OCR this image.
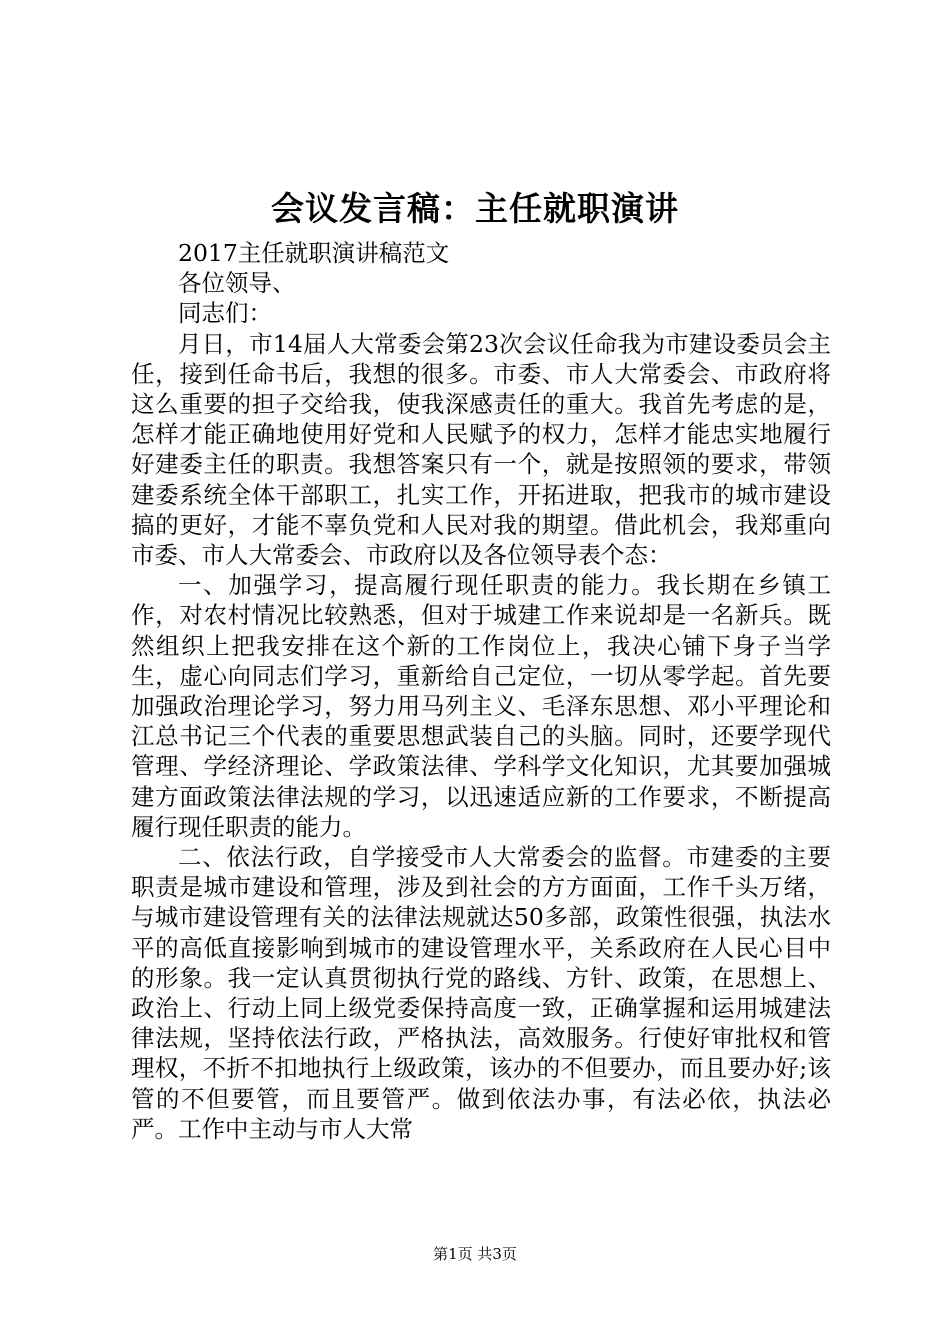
会议发言稿：主任就职演讲

2017主任就职演讲稿范文

各位领导、

同志们：

月日，市14届人大常委会第23次会议任命我为市建设委员会主任，接到任命书后，我想的很多。市委、市人大常委会、市政府将这么重要的担子交给我，使我深感责任的重大。我首先考虑的是，怎样才能正确地使用好党和人民赋予的权力，怎样才能忠实地履行好建委主任的职责。我想答案只有一个，就是按照领的要求，带领建委系统全体干部职工，扎实工作，开拓进取，把我市的城市建设搞的更好，才能不辜负党和人民对我的期望。借此机会，我郑重向市委、市人大常委会、市政府以及各位领导表个态：

一、加强学习，提高履行现任职责的能力。我长期在乡镇工作，对农村情况比较熟悉，但对于城建工作来说却是一名新兵。既然组织上把我安排在这个新的工作岗位上，我决心铺下身子当学生，虚心向同志们学习，重新给自己定位，一切从零学起。首先要加强政治理论学习，努力用马列主义、毛泽东思想、邓小平理论和江总书记三个代表的重要思想武装自己的头脑。同时，还要学现代管理、学经济理论、学政策法律、学科学文化知识，尤其要加强城建方面政策法律法规的学习，以迅速适应新的工作要求，不断提高履行现任职责的能力。

二、依法行政，自学接受市人大常委会的监督。市建委的主要职责是城市建设和管理，涉及到社会的方方面面，工作千头万绪，与城市建设管理有关的法律法规就达50多部，政策性很强，执法水平的高低直接影响到城市的建设管理水平，关系政府在人民心目中的形象。我一定认真贯彻执行党的路线、方针、政策，在思想上、政治上、行动上同上级党委保持高度一致，正确掌握和运用城建法律法规，坚持依法行政，严格执法，高效服务。行使好审批权和管理权，不折不扣地执行上级政策，该办的不但要办，而且要办好;该管的不但要管，而且要管严。做到依法办事，有法必依，执法必严。工作中主动与市人大常

第1页 共3页
